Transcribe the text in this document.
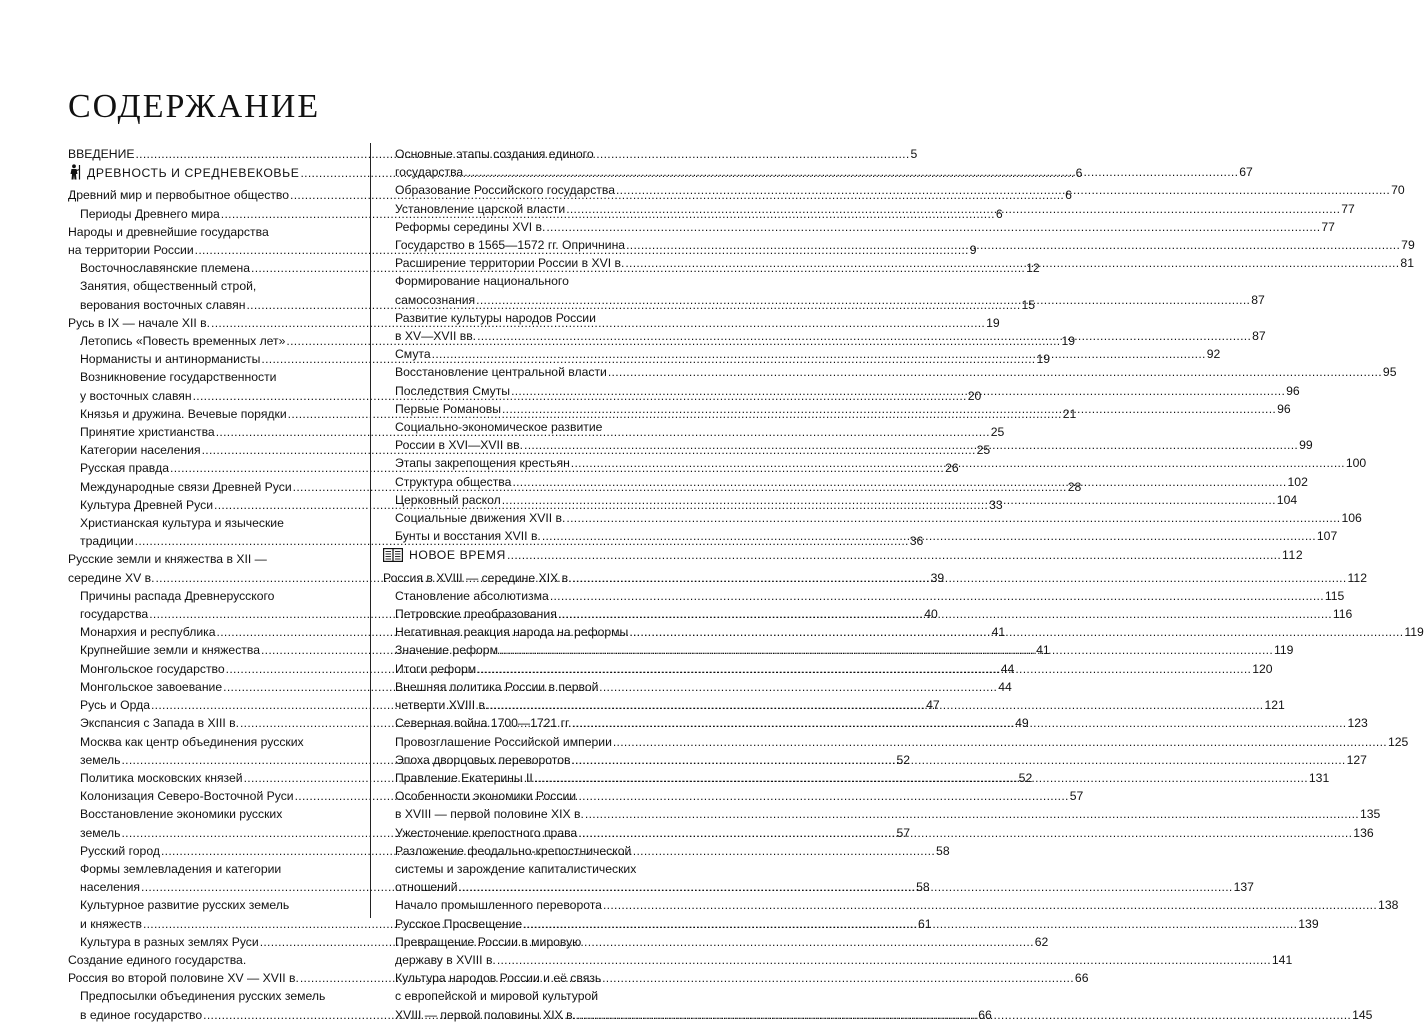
СОДЕРЖАНИЕ
ВВЕДЕНИЕ .....	5
ДРЕВНОСТЬ И СРЕДНЕВЕКОВЬЕ .....	6
Древний мир и первобытное общество .....	6
Периоды Древнего мира .....	6
Народы и древнейшие государства
на территории России .....	9
Восточнославянские племена .....	12
Занятия, общественный строй,
верования восточных славян .....	15
Русь в IX — начале XII в. .....	19
Летопись «Повесть временных лет» .....	19
Норманисты и антинорманисты .....	19
Возникновение государственности
у восточных славян .....	20
Князья и дружина. Вечевые порядки .....	21
Принятие христианства .....	25
Категории населения .....	25
Русская правда .....	26
Международные связи Древней Руси .....	28
Культура Древней Руси .....	33
Христианская культура и языческие
традиции .....	36
Русские земли и княжества в XII —
середине XV в. .....	39
Причины распада Древнерусского
государства .....	40
Монархия и республика .....	41
Крупнейшие земли и княжества .....	41
Монгольское государство .....	44
Монгольское завоевание .....	44
Русь и Орда .....	47
Экспансия с Запада в XIII в. .....	49
Москва как центр объединения русских
земель .....	52
Политика московских князей .....	52
Колонизация Северо-Восточной Руси .....	57
Восстановление экономики русских
земель .....	57
Русский город .....	58
Формы землевладения и категории
населения .....	58
Культурное развитие русских земель
и княжеств .....	61
Культура в разных землях Руси .....	62
Создание единого государства.
Россия во второй половине XV — XVII в. .....	66
Предпосылки объединения русских земель
в единое государство .....	66
Основные этапы создания единого
государства .....	67
Образование Российского государства .....	70
Установление царской власти .....	77
Реформы середины XVI в. .....	77
Государство в 1565—1572 гг. Опричнина .....	79
Расширение территории России в XVI в. .....	81
Формирование национального
самосознания .....	87
Развитие культуры народов России
в XV—XVII вв. .....	87
Смута .....	92
Восстановление центральной власти .....	95
Последствия Смуты .....	96
Первые Романовы .....	96
Социально-экономическое развитие
России в XVI—XVII вв. .....	99
Этапы закрепощения крестьян .....	100
Структура общества .....	102
Церковный раскол .....	104
Социальные движения XVII в. .....	106
Бунты и восстания XVII в. .....	107
НОВОЕ ВРЕМЯ .....	112
Россия в XVIII — середине XIX в. .....	112
Становление абсолютизма .....	115
Петровские преобразования .....	116
Негативная реакция народа на реформы .....	119
Значение реформ .....	119
Итоги реформ .....	120
Внешняя политика России в первой
четверти XVIII в. .....	121
Северная война 1700—1721 гг. .....	123
Провозглашение Российской империи .....	125
Эпоха дворцовых переворотов .....	127
Правление Екатерины II .....	131
Особенности экономики России
в XVIII — первой половине XIX в. .....	135
Ужесточение крепостного права .....	136
Разложение феодально-крепостнической
системы и зарождение капиталистических
отношений .....	137
Начало промышленного переворота .....	138
Русское Просвещение .....	139
Превращение России в мировую
державу в XVIII в. .....	141
Культура народов России и её связь
с европейской и мировой культурой
XVIII — первой половины XIX в. .....	145
